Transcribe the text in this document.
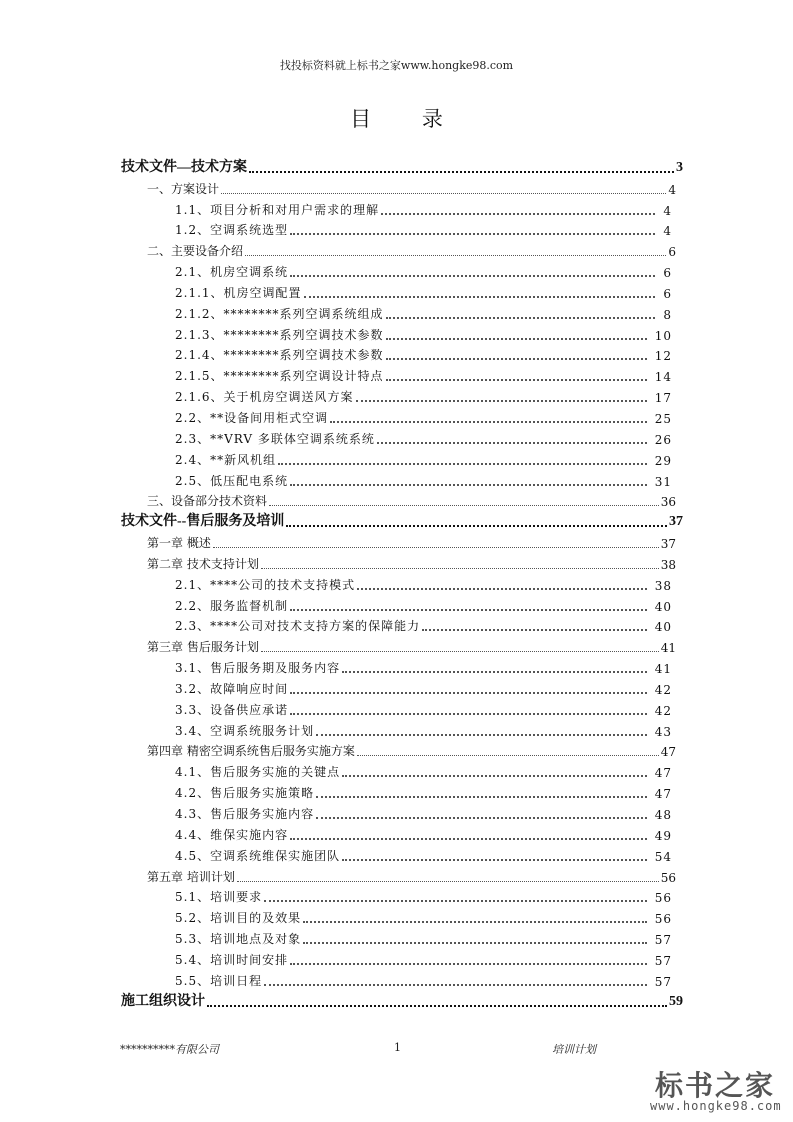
找投标资料就上标书之家www.hongke98.com
目 录
技术文件—技术方案	3
一、方案设计	4
1.1、项目分析和对用户需求的理解	4
1.2、空调系统选型	4
二、主要设备介绍	6
2.1、机房空调系统	6
2.1.1、机房空调配置	6
2.1.2、********系列空调系统组成	8
2.1.3、********系列空调技术参数	10
2.1.4、********系列空调技术参数	12
2.1.5、********系列空调设计特点	14
2.1.6、关于机房空调送风方案	17
2.2、**设备间用柜式空调	25
2.3、**VRV 多联体空调系统系统	26
2.4、**新风机组	29
2.5、低压配电系统	31
三、设备部分技术资料	36
技术文件--售后服务及培训	37
第一章 概述	37
第二章 技术支持计划	38
2.1、****公司的技术支持模式	38
2.2、服务监督机制	40
2.3、****公司对技术支持方案的保障能力	40
第三章 售后服务计划	41
3.1、售后服务期及服务内容	41
3.2、故障响应时间	42
3.3、设备供应承诺	42
3.4、空调系统服务计划	43
第四章 精密空调系统售后服务实施方案	47
4.1、售后服务实施的关键点	47
4.2、售后服务实施策略	47
4.3、售后服务实施内容	48
4.4、维保实施内容	49
4.5、空调系统维保实施团队	54
第五章 培训计划	56
5.1、培训要求	56
5.2、培训目的及效果	56
5.3、培训地点及对象	57
5.4、培训时间安排	57
5.5、培训日程	57
施工组织设计	59
**********有限公司	1	培训计划
标书之家
www.hongke98.com
